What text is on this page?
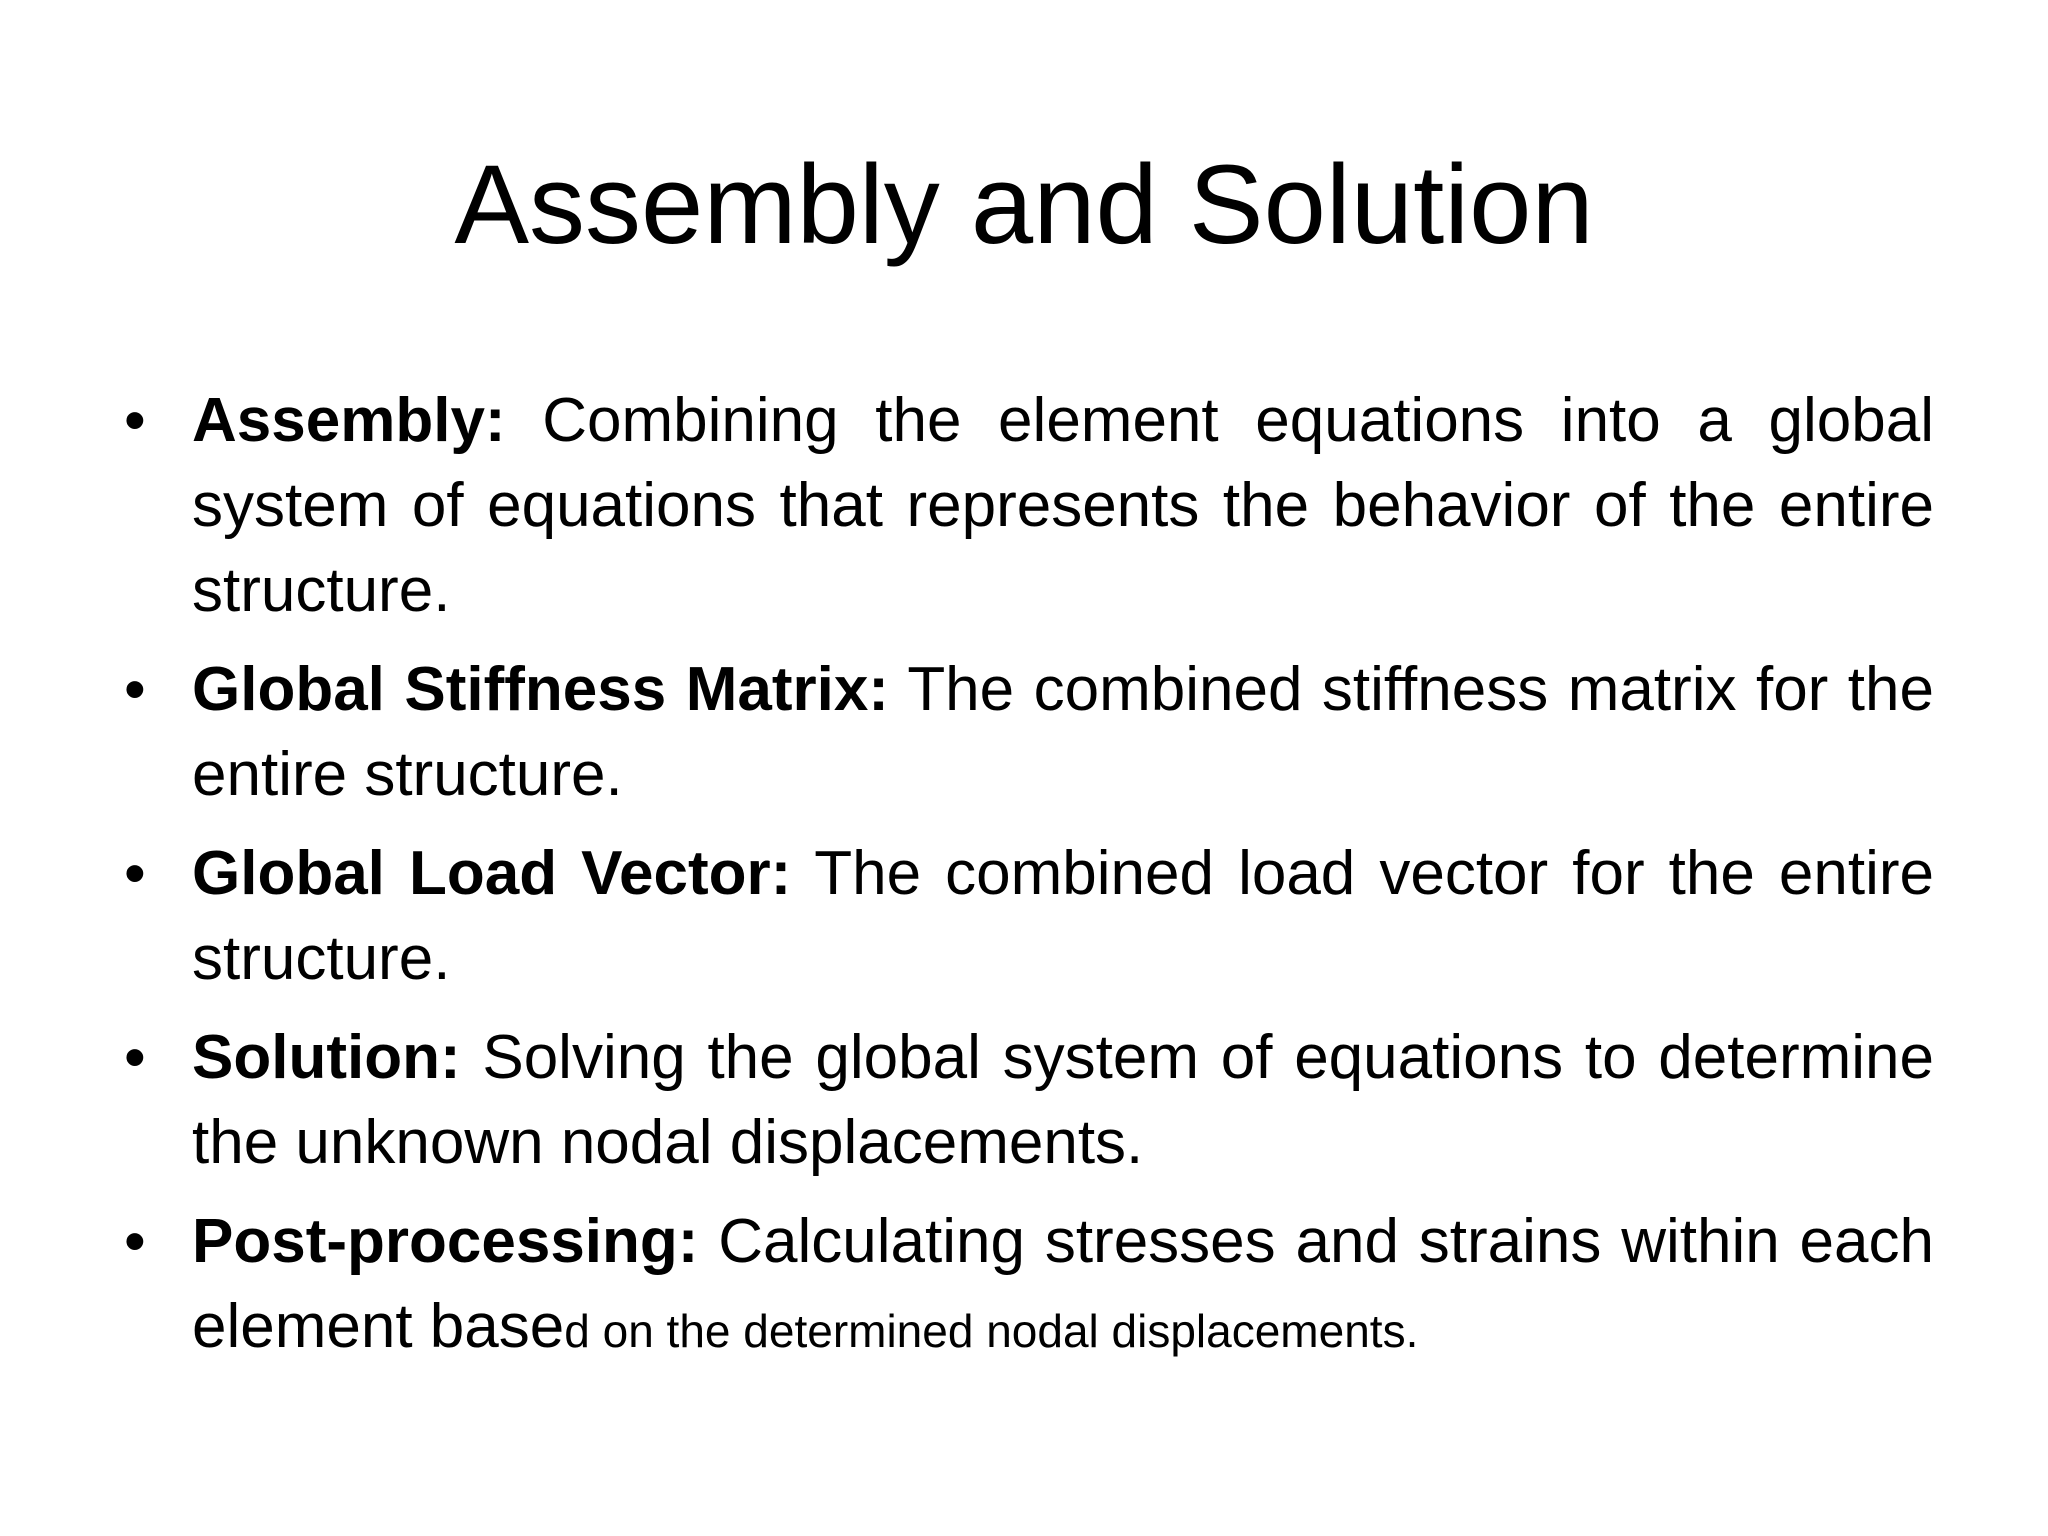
Assembly and Solution
• Assembly: Combining the element equations into a global system of equations that represents the behavior of the entire structure.
• Global Stiffness Matrix: The combined stiffness matrix for the entire structure.
• Global Load Vector: The combined load vector for the entire structure.
• Solution: Solving the global system of equations to determine the unknown nodal displacements.
• Post-processing: Calculating stresses and strains within each element based on the determined nodal displacements.
